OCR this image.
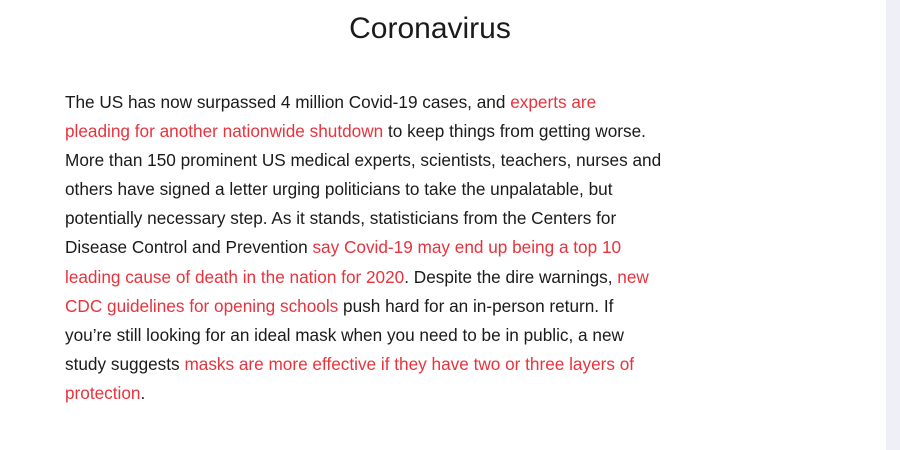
Coronavirus

The US has now surpassed 4 million Covid-19 cases, and experts are
pleading for another nationwide shutdown to keep things from getting worse.
More than 150 prominent US medical experts, scientists, teachers, nurses and
others have signed a letter urging politicians to take the unpalatable, but
potentially necessary step. As it stands, statisticians from the Centers for
Disease Control and Prevention say Covid-19 may end up being a top 10
leading cause of death in the nation for 2020. Despite the dire warnings, new
CDC guidelines for opening schools push hard for an in-person return. If
you’re still looking for an ideal mask when you need to be in public, a new
study suggests masks are more effective if they have two or three layers of
protection.
